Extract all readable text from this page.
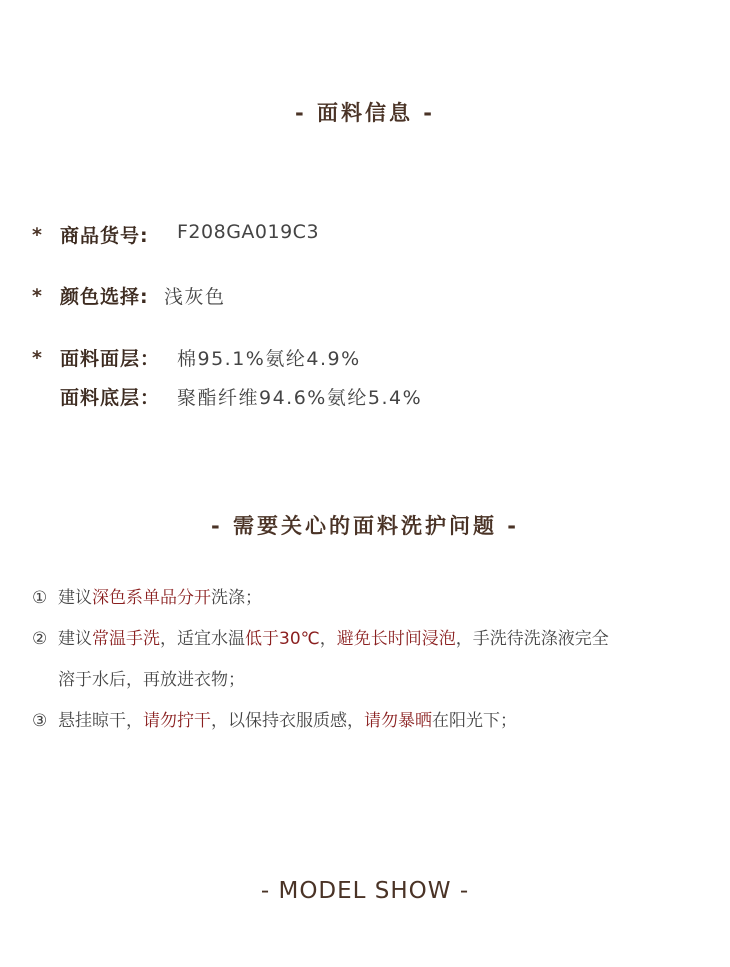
- 面料信息 -
* 商品货号: F208GA019C3
* 颜色选择: 浅灰色
* 面料面层： 棉95.1%氨纶4.9%
面料底层： 聚酯纤维94.6%氨纶5.4%
- 需要关心的面料洗护问题 -
① 建议深色系单品分开洗涤；
② 建议常温手洗，适宜水温低于30℃，避免长时间浸泡，手洗待洗涤液完全
溶于水后，再放进衣物；
③ 悬挂晾干，请勿拧干，以保持衣服质感，请勿暴晒在阳光下；
- MODEL SHOW -
